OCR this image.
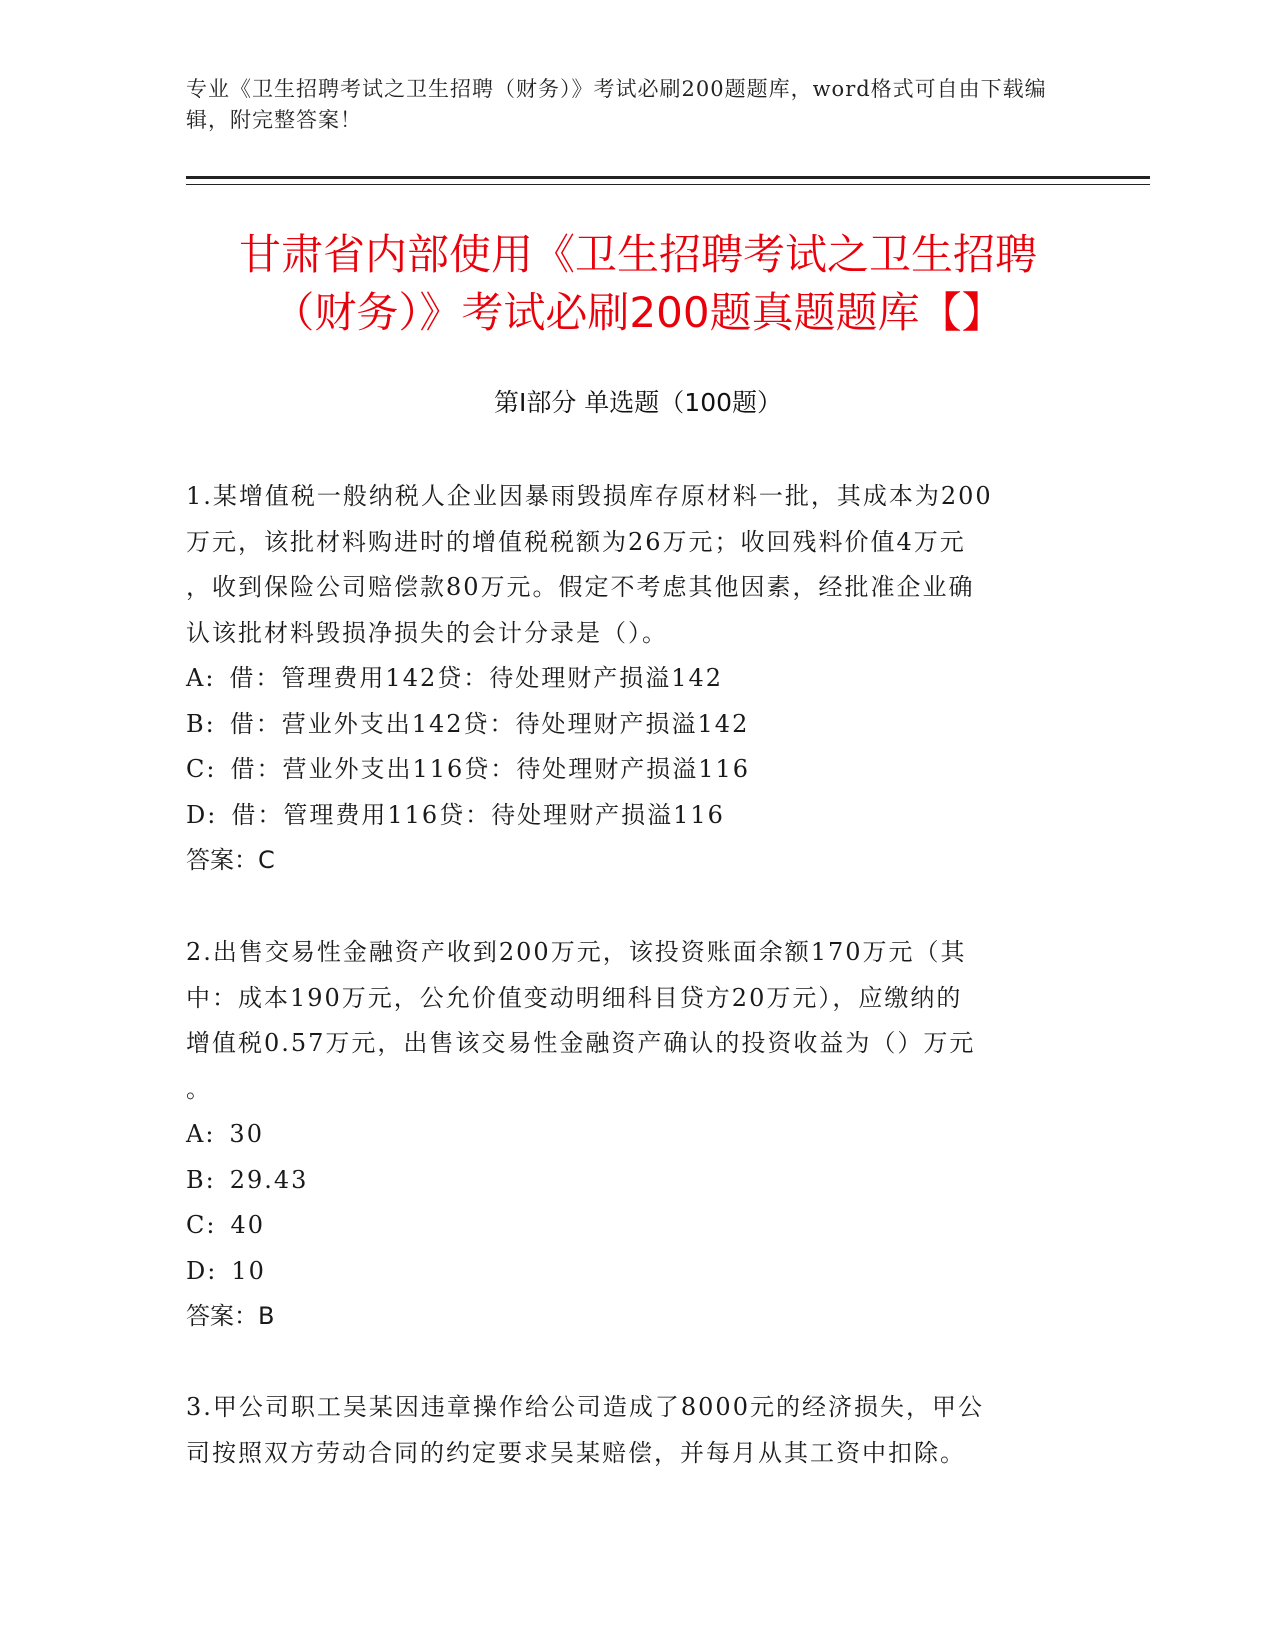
专业《卫生招聘考试之卫生招聘（财务）》考试必刷200题题库，word格式可自由下载编辑，附完整答案！
甘肃省内部使用《卫生招聘考试之卫生招聘
（财务）》考试必刷200题真题题库【】
第I部分 单选题（100题）

1.某增值税一般纳税人企业因暴雨毁损库存原材料一批，其成本为200

万元，该批材料购进时的增值税税额为26万元；收回残料价值4万元

，收到保险公司赔偿款80万元。假定不考虑其他因素，经批准企业确

认该批材料毁损净损失的会计分录是（）。

A: 借：管理费用142贷：待处理财产损溢142

B: 借：营业外支出142贷：待处理财产损溢142

C: 借：营业外支出116贷：待处理财产损溢116

D: 借：管理费用116贷：待处理财产损溢116

答案：C

2.出售交易性金融资产收到200万元，该投资账面余额170万元（其

中：成本190万元，公允价值变动明细科目贷方20万元），应缴纳的

增值税0.57万元，出售该交易性金融资产确认的投资收益为（）万元

。

A: 30

B: 29.43

C: 40

D: 10

答案：B

3.甲公司职工吴某因违章操作给公司造成了8000元的经济损失，甲公

司按照双方劳动合同的约定要求吴某赔偿，并每月从其工资中扣除。
